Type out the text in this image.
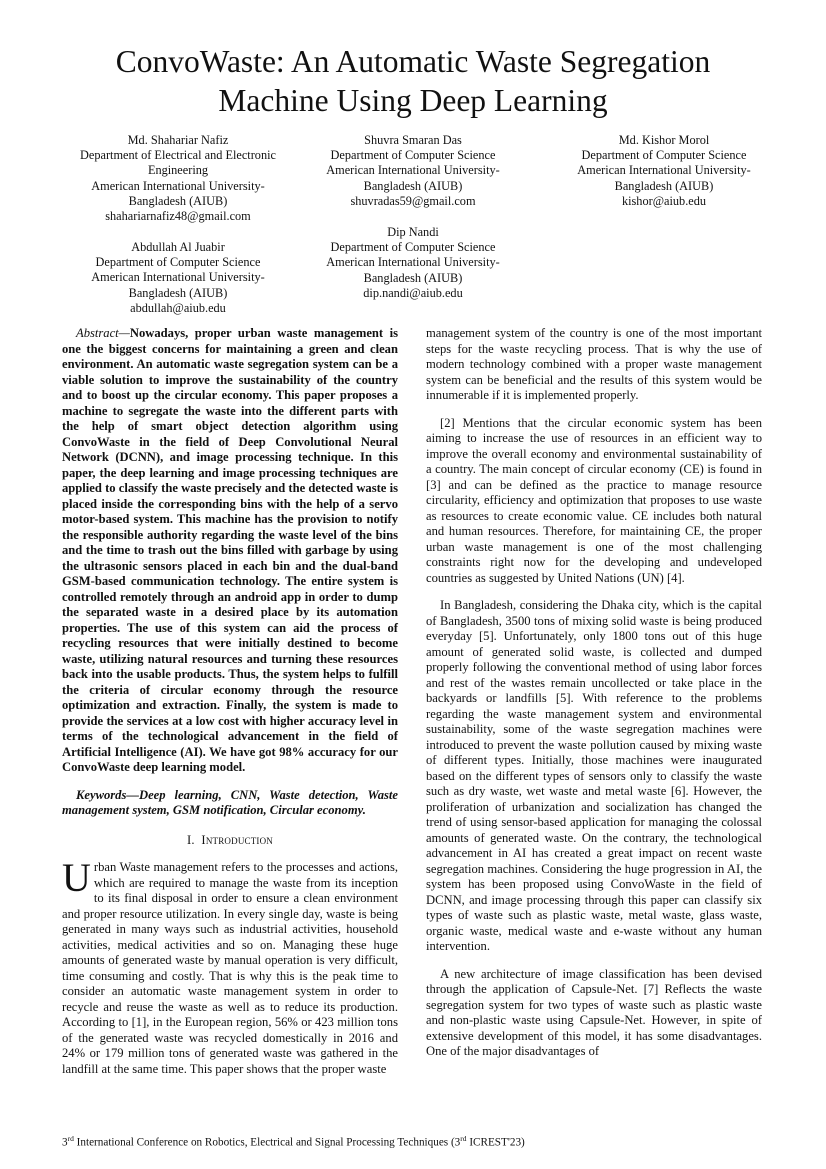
ConvoWaste: An Automatic Waste Segregation
Machine Using Deep Learning
Md. Shahariar Nafiz
Department of Electrical and Electronic
Engineering
American International University-
Bangladesh (AIUB)
shahariarnafiz48@gmail.com
Shuvra Smaran Das
Department of Computer Science
American International University-
Bangladesh (AIUB)
shuvradas59@gmail.com
Md. Kishor Morol
Department of Computer Science
American International University-
Bangladesh (AIUB)
kishor@aiub.edu
Abdullah Al Juabir
Department of Computer Science
American International University-
Bangladesh (AIUB)
abdullah@aiub.edu
Dip Nandi
Department of Computer Science
American International University-
Bangladesh (AIUB)
dip.nandi@aiub.edu

Abstract—Nowadays, proper urban waste management is one the biggest concerns for maintaining a green and clean environment. An automatic waste segregation system can be a viable solution to improve the sustainability of the country and to boost up the circular economy. This paper proposes a machine to segregate the waste into the different parts with the help of smart object detection algorithm using ConvoWaste in the field of Deep Convolutional Neural Network (DCNN), and image processing technique. In this paper, the deep learning and image processing techniques are applied to classify the waste precisely and the detected waste is placed inside the corresponding bins with the help of a servo motor-based system. This machine has the provision to notify the responsible authority regarding the waste level of the bins and the time to trash out the bins filled with garbage by using the ultrasonic sensors placed in each bin and the dual-band GSM-based communication technology. The entire system is controlled remotely through an android app in order to dump the separated waste in a desired place by its automation properties. The use of this system can aid the process of recycling resources that were initially destined to become waste, utilizing natural resources and turning these resources back into the usable products. Thus, the system helps to fulfill the criteria of circular economy through the resource optimization and extraction. Finally, the system is made to provide the services at a low cost with higher accuracy level in terms of the technological advancement in the field of Artificial Intelligence (AI). We have got 98% accuracy for our ConvoWaste deep learning model.

Keywords—Deep learning, CNN, Waste detection, Waste management system, GSM notification, Circular economy.

I. Introduction

Urban Waste management refers to the processes and actions, which are required to manage the waste from its inception to its final disposal in order to ensure a clean environment and proper resource utilization. In every single day, waste is being generated in many ways such as industrial activities, household activities, medical activities and so on. Managing these huge amounts of generated waste by manual operation is very difficult, time consuming and costly. That is why this is the peak time to consider an automatic waste management system in order to recycle and reuse the waste as well as to reduce its production. According to [1], in the European region, 56% or 423 million tons of the generated waste was recycled domestically in 2016 and 24% or 179 million tons of generated waste was gathered in the landfill at the same time. This paper shows that the proper waste

management system of the country is one of the most important steps for the waste recycling process. That is why the use of modern technology combined with a proper waste management system can be beneficial and the results of this system would be innumerable if it is implemented properly.

[2] Mentions that the circular economic system has been aiming to increase the use of resources in an efficient way to improve the overall economy and environmental sustainability of a country. The main concept of circular economy (CE) is found in [3] and can be defined as the practice to manage resource circularity, efficiency and optimization that proposes to use waste as resources to create economic value. CE includes both natural and human resources. Therefore, for maintaining CE, the proper urban waste management is one of the most challenging constraints right now for the developing and undeveloped countries as suggested by United Nations (UN) [4].

In Bangladesh, considering the Dhaka city, which is the capital of Bangladesh, 3500 tons of mixing solid waste is being produced everyday [5]. Unfortunately, only 1800 tons out of this huge amount of generated solid waste, is collected and dumped properly following the conventional method of using labor forces and rest of the wastes remain uncollected or take place in the backyards or landfills [5]. With reference to the problems regarding the waste management system and environmental sustainability, some of the waste segregation machines were introduced to prevent the waste pollution caused by mixing waste of different types. Initially, those machines were inaugurated based on the different types of sensors only to classify the waste such as dry waste, wet waste and metal waste [6]. However, the proliferation of urbanization and socialization has changed the trend of using sensor-based application for managing the colossal amounts of generated waste. On the contrary, the technological advancement in AI has created a great impact on recent waste segregation machines. Considering the huge progression in AI, the system has been proposed using ConvoWaste in the field of DCNN, and image processing through this paper can classify six types of waste such as plastic waste, metal waste, glass waste, organic waste, medical waste and e-waste without any human intervention.

A new architecture of image classification has been devised through the application of Capsule-Net. [7] Reflects the waste segregation system for two types of waste such as plastic waste and non-plastic waste using Capsule-Net. However, in spite of extensive development of this model, it has some disadvantages. One of the major disadvantages of

3rd International Conference on Robotics, Electrical and Signal Processing Techniques (3rd ICREST'23)
